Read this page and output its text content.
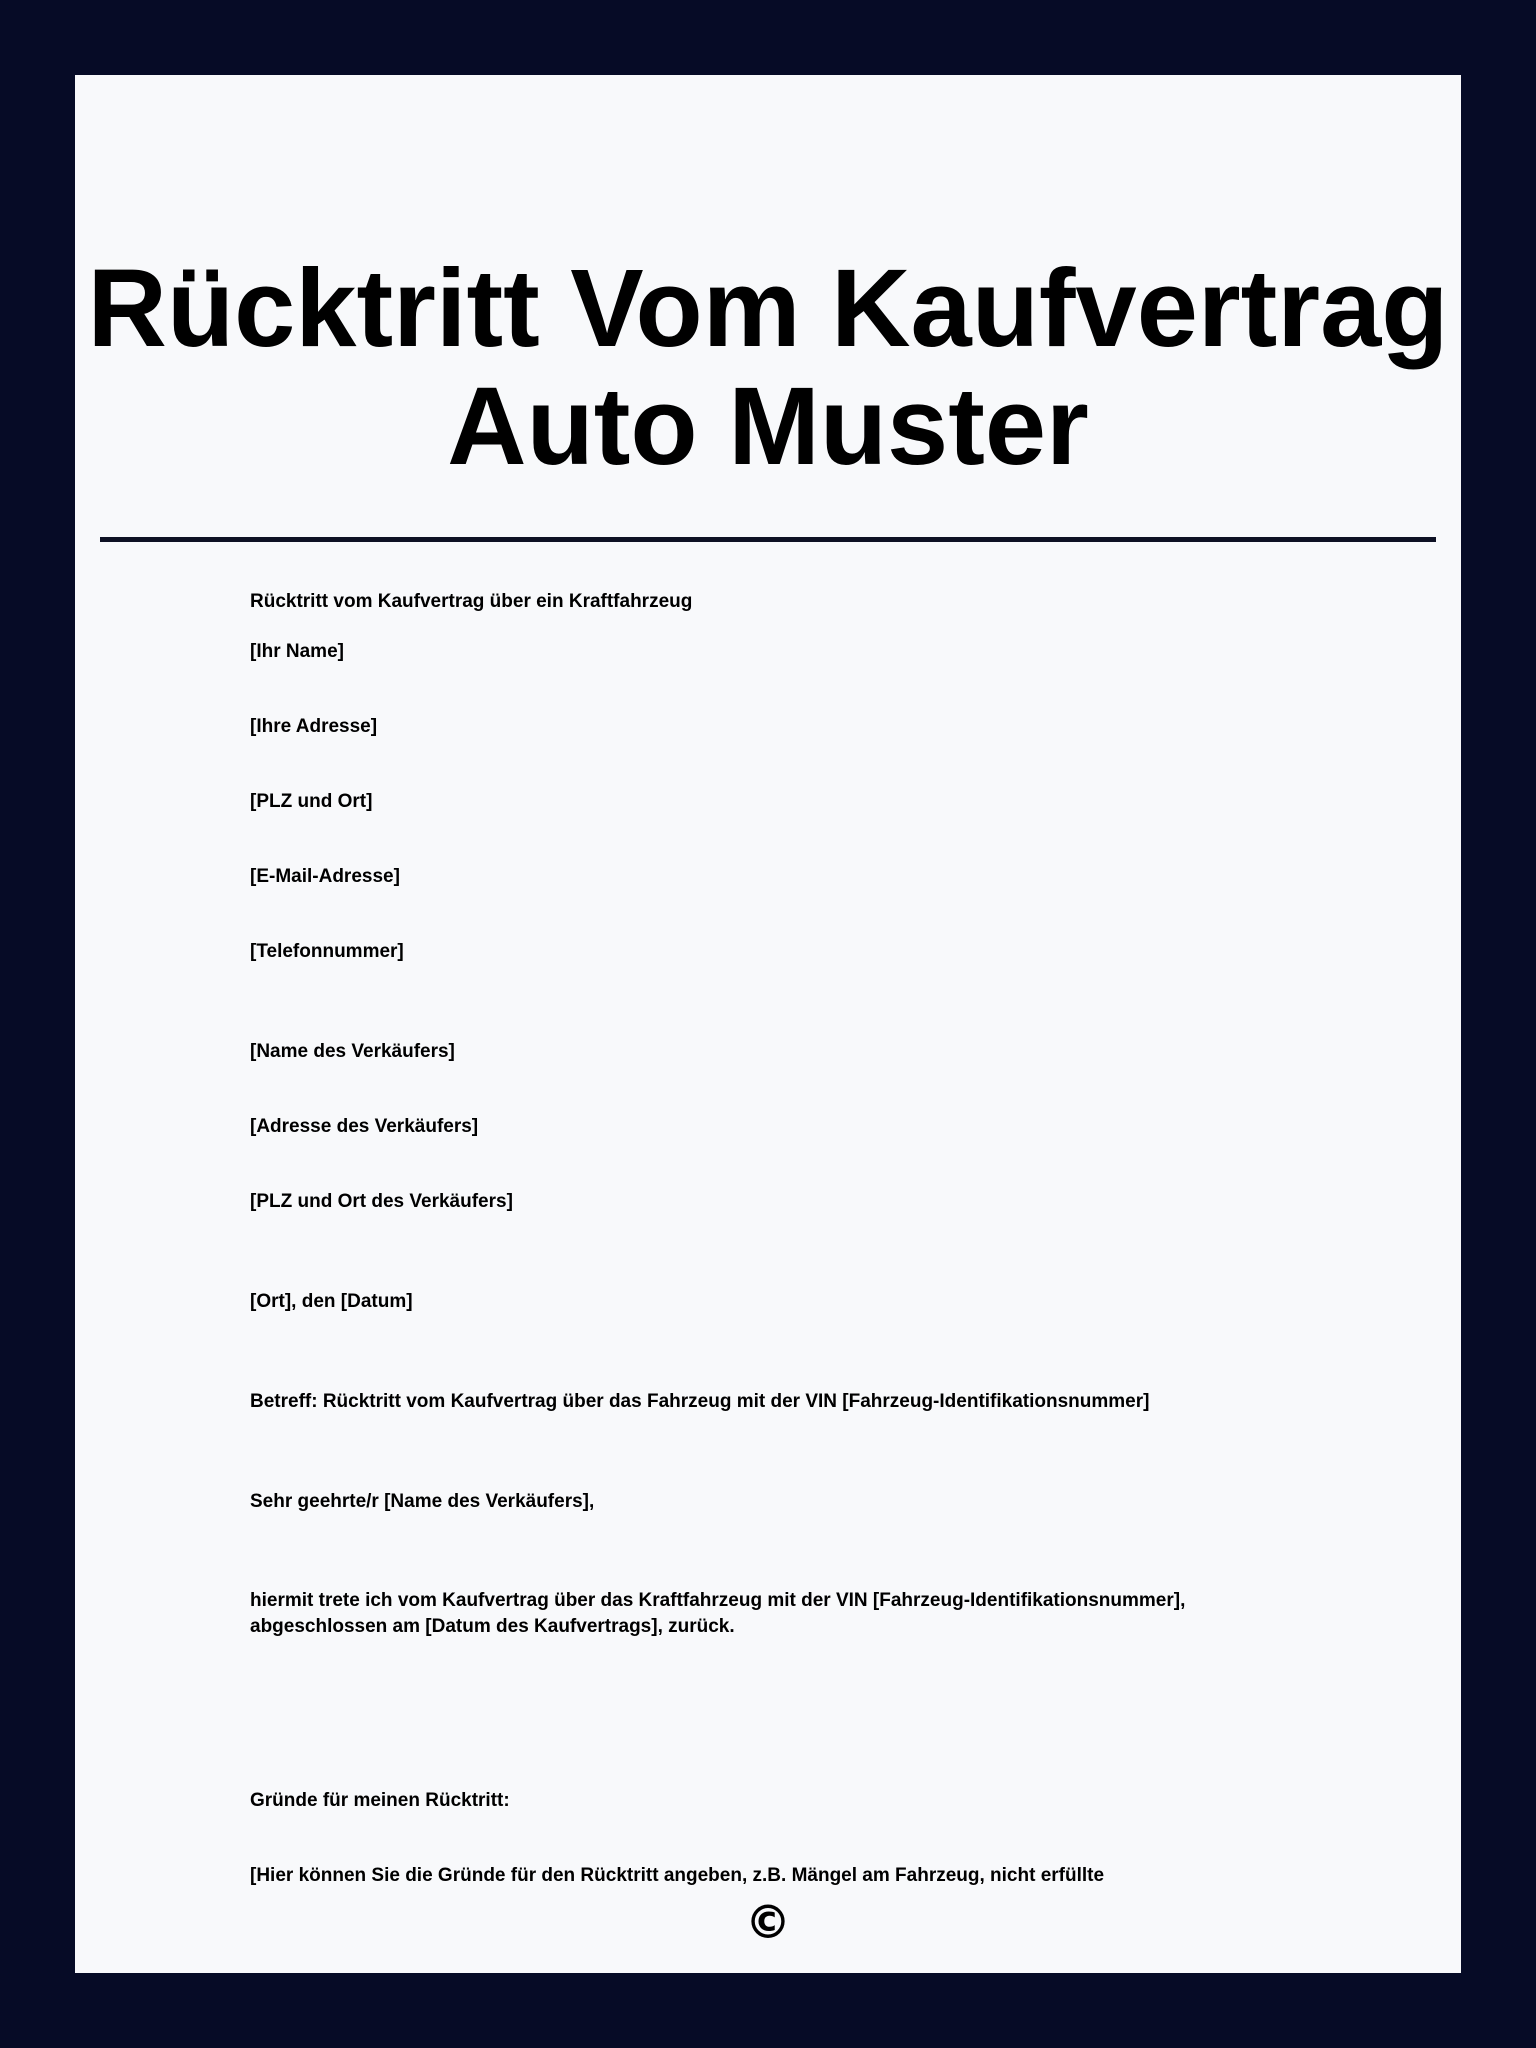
Rücktritt Vom Kaufvertrag
Auto Muster

Rücktritt vom Kaufvertrag über ein Kraftfahrzeug

[Ihr Name]

[Ihre Adresse]

[PLZ und Ort]

[E-Mail-Adresse]

[Telefonnummer]

[Name des Verkäufers]

[Adresse des Verkäufers]

[PLZ und Ort des Verkäufers]

[Ort], den [Datum]

Betreff: Rücktritt vom Kaufvertrag über das Fahrzeug mit der VIN [Fahrzeug-Identifikationsnummer]

Sehr geehrte/r [Name des Verkäufers],

hiermit trete ich vom Kaufvertrag über das Kraftfahrzeug mit der VIN [Fahrzeug-Identifikationsnummer], abgeschlossen am [Datum des Kaufvertrags], zurück.

Gründe für meinen Rücktritt:

[Hier können Sie die Gründe für den Rücktritt angeben, z.B. Mängel am Fahrzeug, nicht erfüllte

©
